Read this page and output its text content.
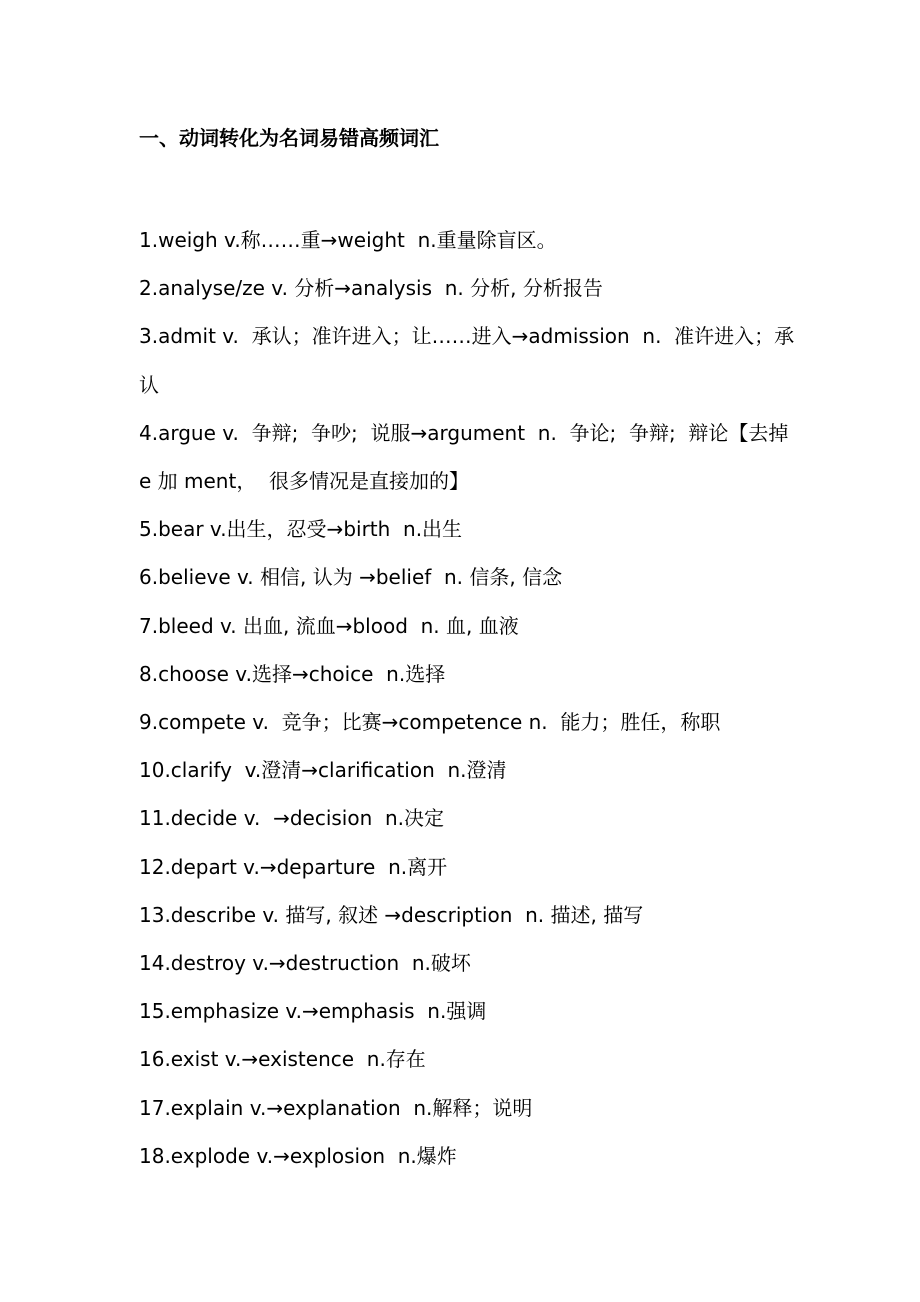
一、动词转化为名词易错高频词汇
1.weigh v.称……重→weight  n.重量除盲区。
2.analyse/ze v. 分析→analysis  n. 分析, 分析报告
3.admit v.  承认；准许进入；让……进入→admission  n.  准许进入；承认
4.argue v.  争辩;  争吵;  说服→argument  n.  争论;  争辩;  辩论【去掉 e 加 ment，  很多情况是直接加的】
5.bear v.出生，忍受→birth  n.出生
6.believe v. 相信, 认为 →belief  n. 信条, 信念
7.bleed v. 出血, 流血→blood  n. 血, 血液
8.choose v.选择→choice  n.选择
9.compete v.  竞争；比赛→competence n.  能力；胜任，称职
10.clarify  v.澄清→clarification  n.澄清
11.decide v.  →decision  n.决定
12.depart v.→departure  n.离开
13.describe v. 描写, 叙述 →description  n. 描述, 描写
14.destroy v.→destruction  n.破坏
15.emphasize v.→emphasis  n.强调
16.exist v.→existence  n.存在
17.explain v.→explanation  n.解释；说明
18.explode v.→explosion  n.爆炸
